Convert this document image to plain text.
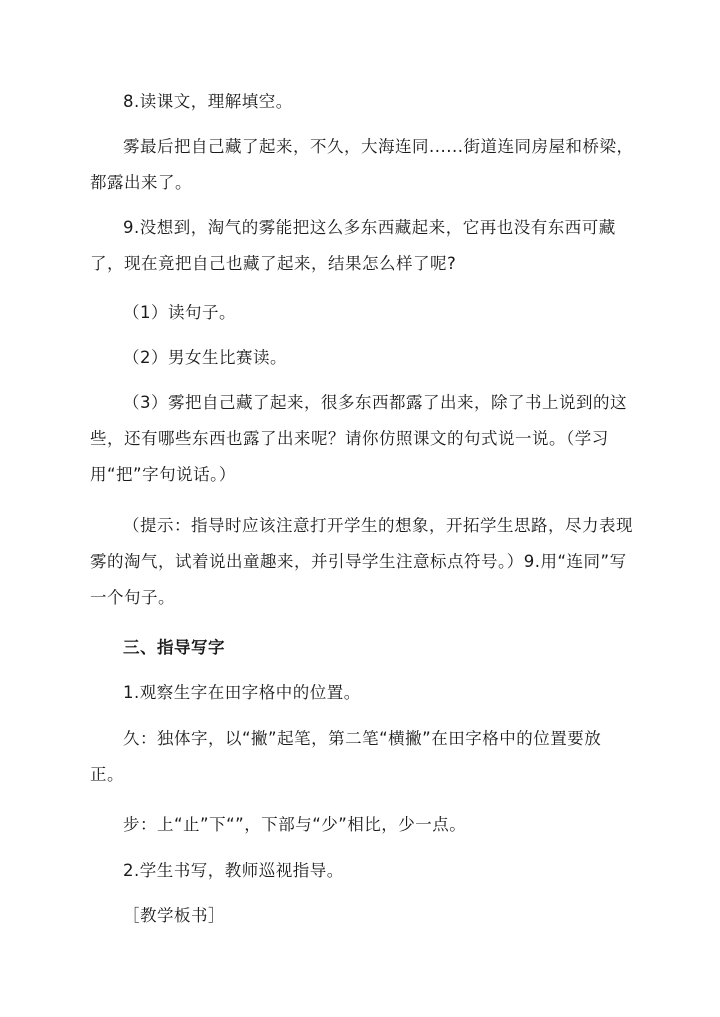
8.读课文，理解填空。

雾最后把自己藏了起来，不久，大海连同......街道连同房屋和桥梁，都露出来了。

9.没想到，淘气的雾能把这么多东西藏起来，它再也没有东西可藏了，现在竟把自己也藏了起来，结果怎么样了呢?

（1）读句子。

（2）男女生比赛读。

（3）雾把自己藏了起来，很多东西都露了出来，除了书上说到的这些，还有哪些东西也露了出来呢？请你仿照课文的句式说一说。（学习用“把”字句说话。）

（提示：指导时应该注意打开学生的想象，开拓学生思路，尽力表现雾的淘气，试着说出童趣来，并引导学生注意标点符号。）9.用“连同”写一个句子。

三、指导写字

1.观察生字在田字格中的位置。

久：独体字，以“撇”起笔，第二笔“横撇”在田字格中的位置要放正。

步：上“止”下“”，下部与“少”相比，少一点。

2.学生书写，教师巡视指导。

［教学板书］
